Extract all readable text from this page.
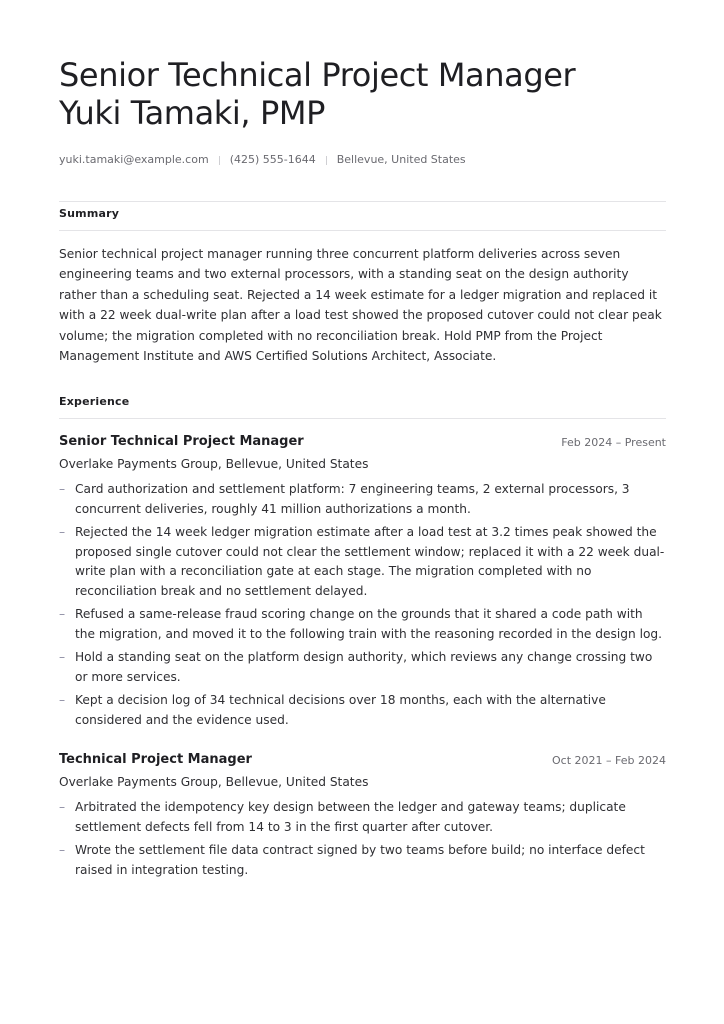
Senior Technical Project Manager
Yuki Tamaki, PMP
yuki.tamaki@example.com (425) 555-1644 Bellevue, United States
Summary

Senior technical project manager running three concurrent platform deliveries across seven engineering teams and two external processors, with a standing seat on the design authority rather than a scheduling seat. Rejected a 14 week estimate for a ledger migration and replaced it with a 22 week dual-write plan after a load test showed the proposed cutover could not clear peak volume; the migration completed with no reconciliation break. Hold PMP from the Project Management Institute and AWS Certified Solutions Architect, Associate.

Experience
Senior Technical Project Manager	Feb 2024 – Present
Overlake Payments Group, Bellevue, United States
– Card authorization and settlement platform: 7 engineering teams, 2 external processors, 3 concurrent deliveries, roughly 41 million authorizations a month.
– Rejected the 14 week ledger migration estimate after a load test at 3.2 times peak showed the proposed single cutover could not clear the settlement window; replaced it with a 22 week dual-write plan with a reconciliation gate at each stage. The migration completed with no reconciliation break and no settlement delayed.
– Refused a same-release fraud scoring change on the grounds that it shared a code path with the migration, and moved it to the following train with the reasoning recorded in the design log.
– Hold a standing seat on the platform design authority, which reviews any change crossing two or more services.
– Kept a decision log of 34 technical decisions over 18 months, each with the alternative considered and the evidence used.
Technical Project Manager	Oct 2021 – Feb 2024
Overlake Payments Group, Bellevue, United States
– Arbitrated the idempotency key design between the ledger and gateway teams; duplicate settlement defects fell from 14 to 3 in the first quarter after cutover.
– Wrote the settlement file data contract signed by two teams before build; no interface defect raised in integration testing.
